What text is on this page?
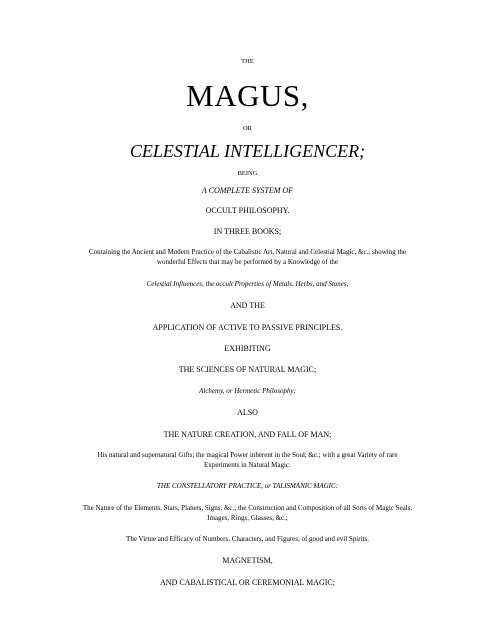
THE
MAGUS,
OR
CELESTIAL INTELLIGENCER;
BEING
A COMPLETE SYSTEM OF
OCCULT PHILOSOPHY.
IN THREE BOOKS;
Containing the Ancient and Modern Practice of the Cabalistic Art, Natural and Celestial Magic, &c.; showing the
wonderful Effects that may be performed by a Knowledge of the
Celestial Influences, the occult Properties of Metals, Herbs, and Stones,
AND THE
APPLICATION OF ACTIVE TO PASSIVE PRINCIPLES.
EXHIBITING
THE SCIENCES OF NATURAL MAGIC;
Alchemy, or Hermetic Philosophy;
ALSO
THE NATURE CREATION, AND FALL OF MAN;
His natural and supernatural Gifts; the magical Power inherent in the Soul, &c.; with a great Variety of rare
Experiments in Natural Magic:
THE CONSTELLATORY PRACTICE, or TALISMANIC MAGIC:
The Nature of the Elements. Stars, Planets, Signs, &c.; the Construction and Composition of all Sorts of Magic Seals,
Images, Rings, Glasses, &c.;
The Virtue and Efficacy of Numbers, Characters, and Figures, of good and evil Spirits.
MAGNETISM,
AND CABALISTICAL OR CEREMONIAL MAGIC;
